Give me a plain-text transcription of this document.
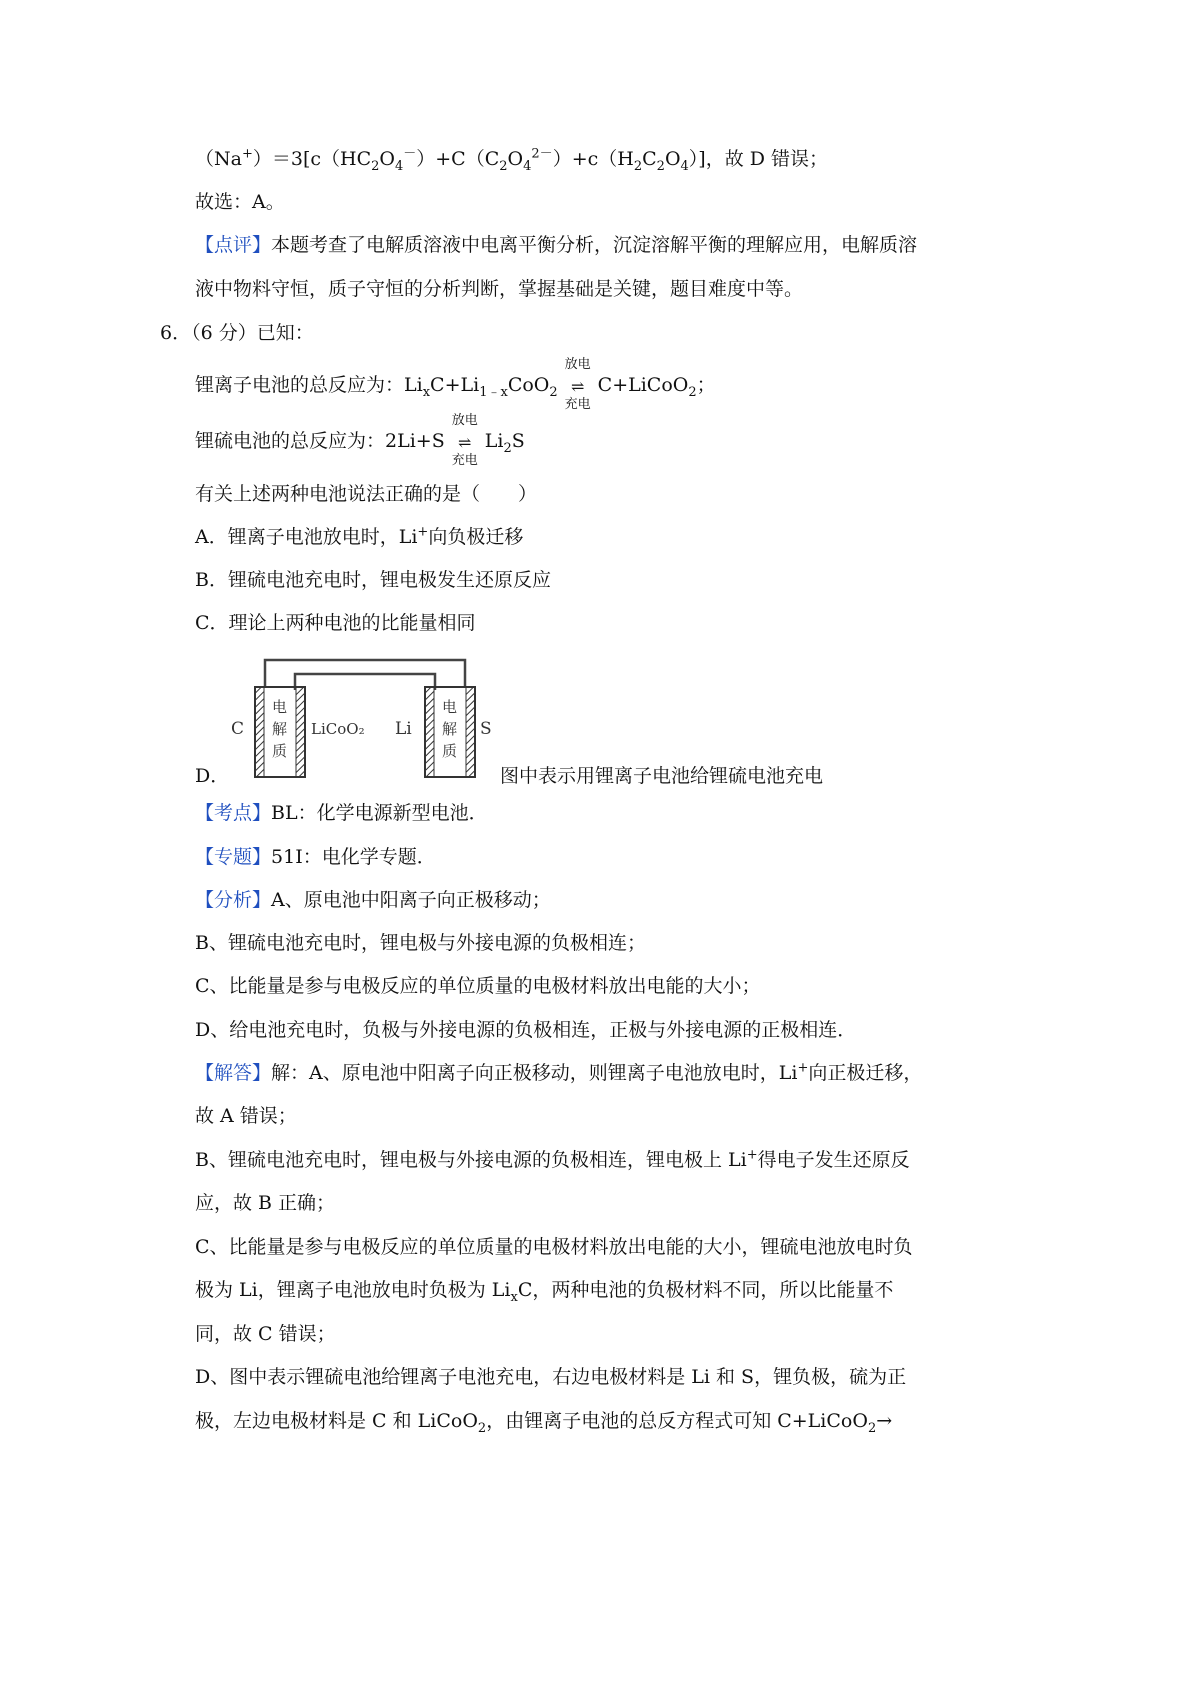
$(Na^+)=3[c(HC_2O_4^-)+C(C_2O_4^{2-})+c(H_2C_2O_4)]$，故 D 错误；
故选：A。
【点评】本题考查了电解质溶液中电离平衡分析，沉淀溶解平衡的理解应用，电解质溶
液中物料守恒，质子守恒的分析判断，掌握基础是关键，题目难度中等。
6．（6 分）已知：
锂离子电池的总反应为：$Li_xC+Li_{1﹣x}CoO_2$
放电
⇌
充电
C+LiCoO$_2$；
锂硫电池的总反应为：2Li+S
放电
⇌
充电
$Li_2S$
有关上述两种电池说法正确的是（　　）
A．锂离子电池放电时，Li+向负极迁移
B．锂硫电池充电时，锂电极发生还原反应
C．理论上两种电池的比能量相同
C	LiCoO₂ Li	S
电
解
质
电
解
质
D．	图中表示用锂离子电池给锂硫电池充电
【考点】BL：化学电源新型电池．
【专题】51I：电化学专题．
【分析】A、原电池中阳离子向正极移动；
B、锂硫电池充电时，锂电极与外接电源的负极相连；
C、比能量是参与电极反应的单位质量的电极材料放出电能的大小；
D、给电池充电时，负极与外接电源的负极相连，正极与外接电源的正极相连．
【解答】解：A、原电池中阳离子向正极移动，则锂离子电池放电时，Li+向正极迁移，
故 A 错误；
B、锂硫电池充电时，锂电极与外接电源的负极相连，锂电极上 Li+得电子发生还原反
应，故 B 正确；
C、比能量是参与电极反应的单位质量的电极材料放出电能的大小，锂硫电池放电时负
极为 Li，锂离子电池放电时负极为 $Li_xC$，两种电池的负极材料不同，所以比能量不
同，故 C 错误；
D、图中表示锂硫电池给锂离子电池充电，右边电极材料是 Li 和 S，锂负极，硫为正
极，左边电极材料是 C 和 LiCoO$_2$，由锂离子电池的总反方程式可知 C+LiCoO$_2$→
